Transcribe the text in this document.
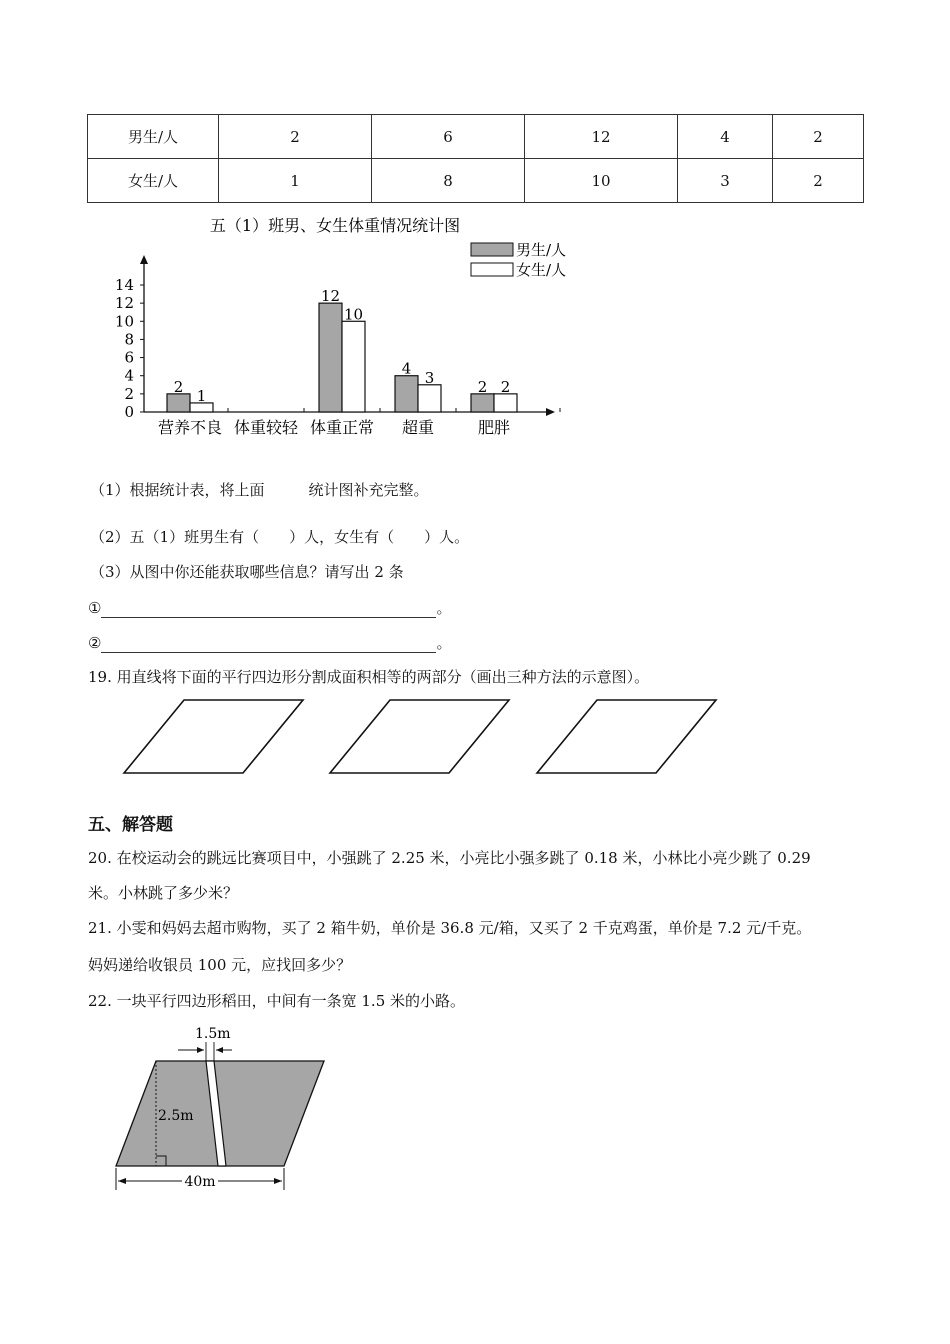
男生/人	2	6	12	4	2
女生/人	1	8	10	3	2
五（1）班男、女生体重情况统计图
男生/人
女生/人
0
2
4
6
8
10
12
14
营养不良
2
1
体重较轻 体重正常
12
10
超重
4
3
肥胖
2 2
（1）根据统计表，将上面	统计图补充完整。
（2）五（1）班男生有（　　）人，女生有（　　）人。
（3）从图中你还能获取哪些信息？请写出 2 条
①	。
②	。
19. 用直线将下面的平行四边形分割成面积相等的两部分（画出三种方法的示意图）。
五、解答题
20. 在校运动会的跳远比赛项目中，小强跳了 2.25 米，小亮比小强多跳了 0.18 米，小林比小亮少跳了 0.29
米。小林跳了多少米？
21. 小雯和妈妈去超市购物，买了 2 箱牛奶，单价是 36.8 元/箱，又买了 2 千克鸡蛋，单价是 7.2 元/千克。
妈妈递给收银员 100 元，应找回多少？
22. 一块平行四边形稻田，中间有一条宽 1.5 米的小路。
2.5m
1.5m
40m
